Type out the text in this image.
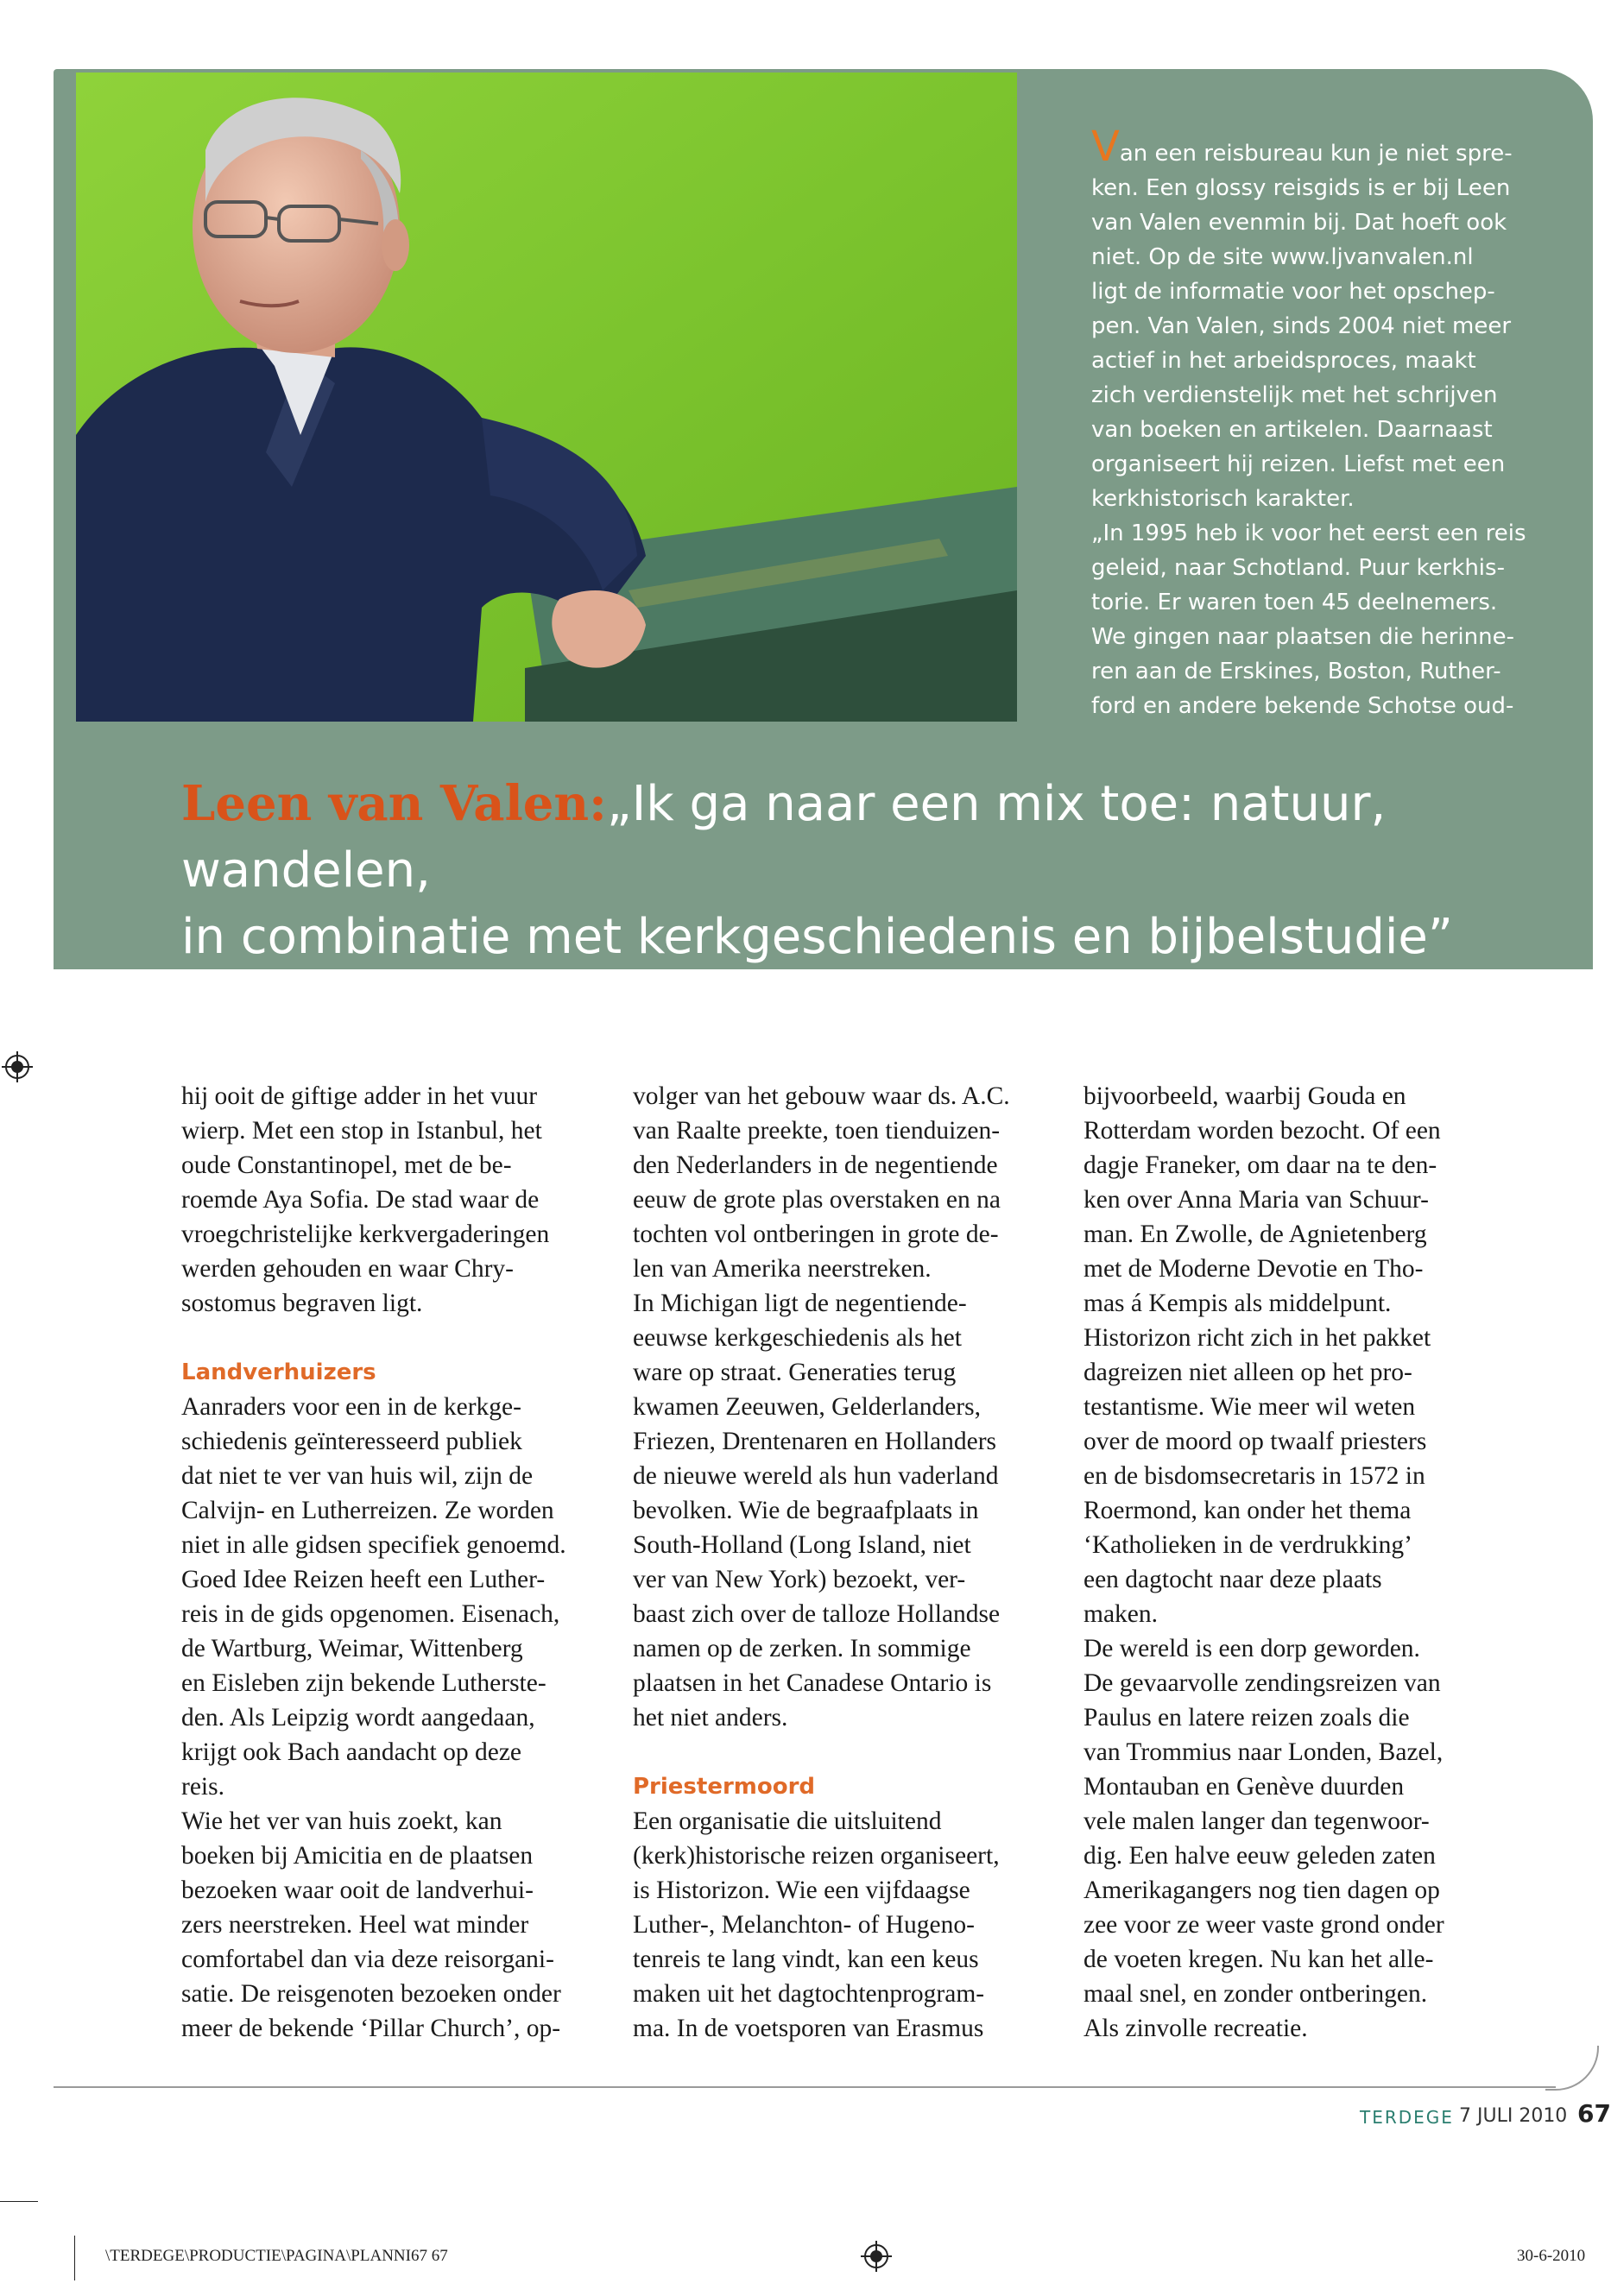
Van een reisbureau kun je niet spre-

ken. Een glossy reisgids is er bij Leen

van Valen evenmin bij. Dat hoeft ook

niet. Op de site www.ljvanvalen.nl

ligt de informatie voor het opschep-

pen. Van Valen, sinds 2004 niet meer

actief in het arbeidsproces, maakt

zich verdienstelijk met het schrijven

van boeken en artikelen. Daarnaast

organiseert hij reizen. Liefst met een

kerkhistorisch karakter.

„In 1995 heb ik voor het eerst een reis

geleid, naar Schotland. Puur kerkhis-

torie. Er waren toen 45 deelnemers.

We gingen naar plaatsen die herinne-

ren aan de Erskines, Boston, Ruther-

ford en andere bekende Schotse oud-

Leen van Valen:„Ik ga naar een mix toe: natuur, wandelen,
in combinatie met kerkgeschiedenis en bijbelstudie”

hij ooit de giftige adder in het vuur

wierp. Met een stop in Istanbul, het

oude Constantinopel, met de be-

roemde Aya Sofia. De stad waar de

vroegchristelijke kerkvergaderingen

werden gehouden en waar Chry-

sostomus begraven ligt.

Landverhuizers

Aanraders voor een in de kerkge-

schiedenis geïnteresseerd publiek

dat niet te ver van huis wil, zijn de

Calvijn- en Lutherreizen. Ze worden

niet in alle gidsen specifiek genoemd.

Goed Idee Reizen heeft een Luther-

reis in de gids opgenomen. Eisenach,

de Wartburg, Weimar, Wittenberg

en Eisleben zijn bekende Lutherste-

den. Als Leipzig wordt aangedaan,

krijgt ook Bach aandacht op deze

reis.

Wie het ver van huis zoekt, kan

boeken bij Amicitia en de plaatsen

bezoeken waar ooit de landverhui-

zers neerstreken. Heel wat minder

comfortabel dan via deze reisorgani-

satie. De reisgenoten bezoeken onder

meer de bekende ‘Pillar Church’, op-

volger van het gebouw waar ds. A.C.

van Raalte preekte, toen tienduizen-

den Nederlanders in de negentiende

eeuw de grote plas overstaken en na

tochten vol ontberingen in grote de-

len van Amerika neerstreken.

In Michigan ligt de negentiende-

eeuwse kerkgeschiedenis als het

ware op straat. Generaties terug

kwamen Zeeuwen, Gelderlanders,

Friezen, Drentenaren en Hollanders

de nieuwe wereld als hun vaderland

bevolken. Wie de begraafplaats in

South-Holland (Long Island, niet

ver van New York) bezoekt, ver-

baast zich over de talloze Hollandse

namen op de zerken. In sommige

plaatsen in het Canadese Ontario is

het niet anders.

Priestermoord

Een organisatie die uitsluitend

(kerk)historische reizen organiseert,

is Historizon. Wie een vijfdaagse

Luther-, Melanchton- of Hugeno-

tenreis te lang vindt, kan een keus

maken uit het dagtochtenprogram-

ma. In de voetsporen van Erasmus

bijvoorbeeld, waarbij Gouda en

Rotterdam worden bezocht. Of een

dagje Franeker, om daar na te den-

ken over Anna Maria van Schuur-

man. En Zwolle, de Agnietenberg

met de Moderne Devotie en Tho-

mas á Kempis als middelpunt.

Historizon richt zich in het pakket

dagreizen niet alleen op het pro-

testantisme. Wie meer wil weten

over de moord op twaalf priesters

en de bisdomsecretaris in 1572 in

Roermond, kan onder het thema

‘Katholieken in de verdrukking’

een dagtocht naar deze plaats

maken.

De wereld is een dorp geworden.

De gevaarvolle zendingsreizen van

Paulus en latere reizen zoals die

van Trommius naar Londen, Bazel,

Montauban en Genève duurden

vele malen langer dan tegenwoor-

dig. Een halve eeuw geleden zaten

Amerikagangers nog tien dagen op

zee voor ze weer vaste grond onder

de voeten kregen. Nu kan het alle-

maal snel, en zonder ontberingen.

Als zinvolle recreatie.

TERDEGE 7 JULI 2010 67
\TERDEGE\PRODUCTIE\PAGINA\PLANNI67 67	30-6-2010
